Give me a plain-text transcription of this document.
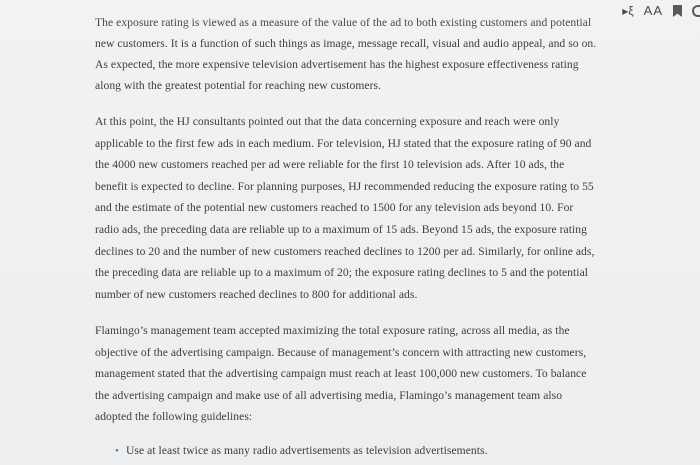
▸ξ AA

The exposure rating is viewed as a measure of the value of the ad to both existing customers and potential

new customers. It is a function of such things as image, message recall, visual and audio appeal, and so on.

As expected, the more expensive television advertisement has the highest exposure effectiveness rating

along with the greatest potential for reaching new customers.

At this point, the HJ consultants pointed out that the data concerning exposure and reach were only

applicable to the first few ads in each medium. For television, HJ stated that the exposure rating of 90 and

the 4000 new customers reached per ad were reliable for the first 10 television ads. After 10 ads, the

benefit is expected to decline. For planning purposes, HJ recommended reducing the exposure rating to 55

and the estimate of the potential new customers reached to 1500 for any television ads beyond 10. For

radio ads, the preceding data are reliable up to a maximum of 15 ads. Beyond 15 ads, the exposure rating

declines to 20 and the number of new customers reached declines to 1200 per ad. Similarly, for online ads,

the preceding data are reliable up to a maximum of 20; the exposure rating declines to 5 and the potential

number of new customers reached declines to 800 for additional ads.

Flamingo’s management team accepted maximizing the total exposure rating, across all media, as the

objective of the advertising campaign. Because of management’s concern with attracting new customers,

management stated that the advertising campaign must reach at least 100,000 new customers. To balance

the advertising campaign and make use of all advertising media, Flamingo’s management team also

adopted the following guidelines:

• Use at least twice as many radio advertisements as television advertisements.
